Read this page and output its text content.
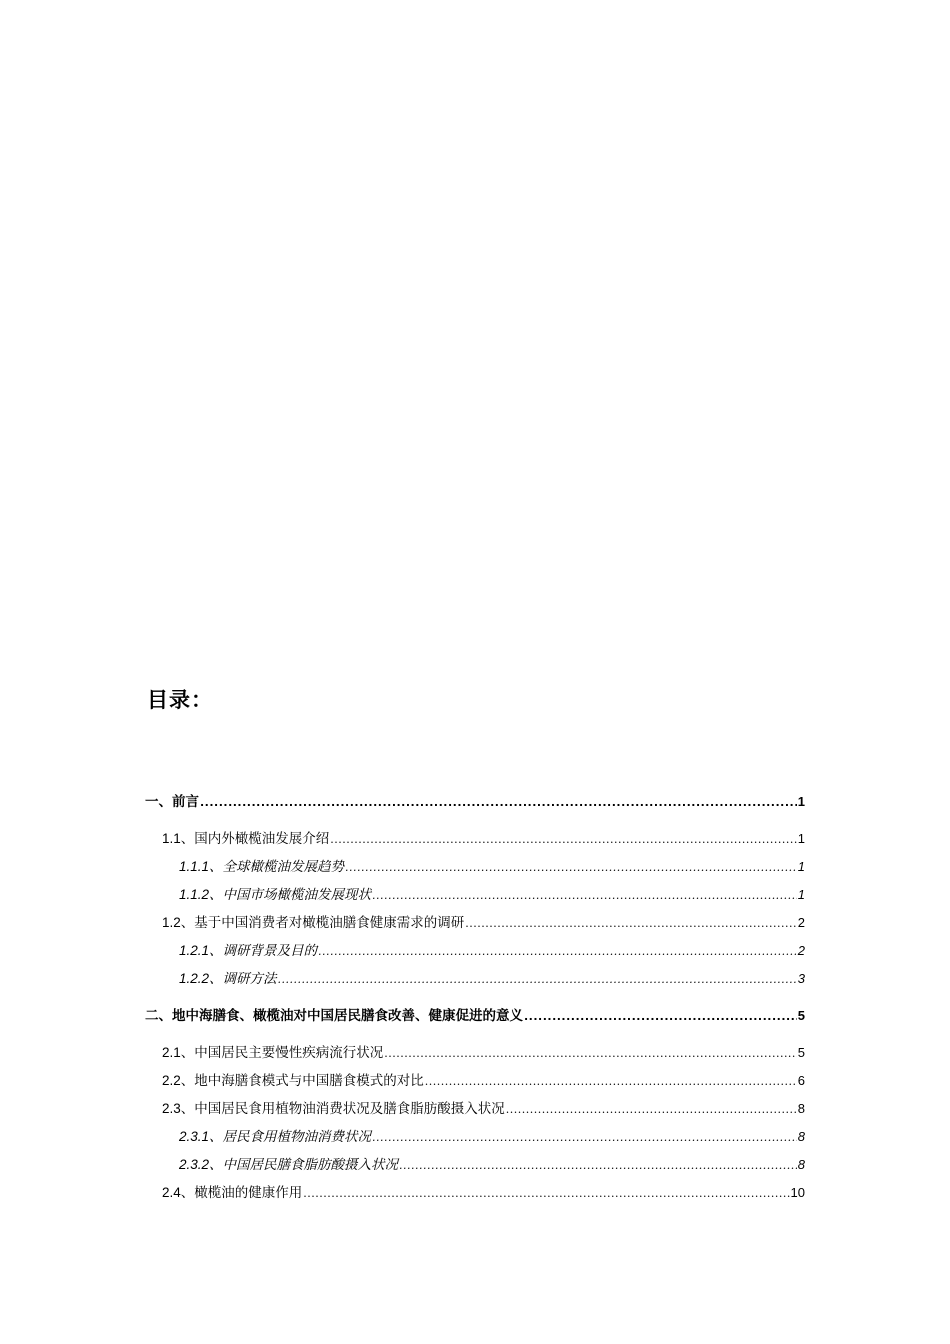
目录：
一、前言 .....	1
1.1、国内外橄榄油发展介绍 .....	1
1.1.1、全球橄榄油发展趋势 .....	1
1.1.2、中国市场橄榄油发展现状 .....	1
1.2、基于中国消费者对橄榄油膳食健康需求的调研 .....	2
1.2.1、调研背景及目的 .....	2
1.2.2、调研方法 .....	3
二、地中海膳食、橄榄油对中国居民膳食改善、健康促进的意义 .....	5
2.1、中国居民主要慢性疾病流行状况 .....	5
2.2、地中海膳食模式与中国膳食模式的对比 .....	6
2.3、中国居民食用植物油消费状况及膳食脂肪酸摄入状况 .....	8
2.3.1、居民食用植物油消费状况 .....	8
2.3.2、中国居民膳食脂肪酸摄入状况 .....	8
2.4、橄榄油的健康作用 .....	10
